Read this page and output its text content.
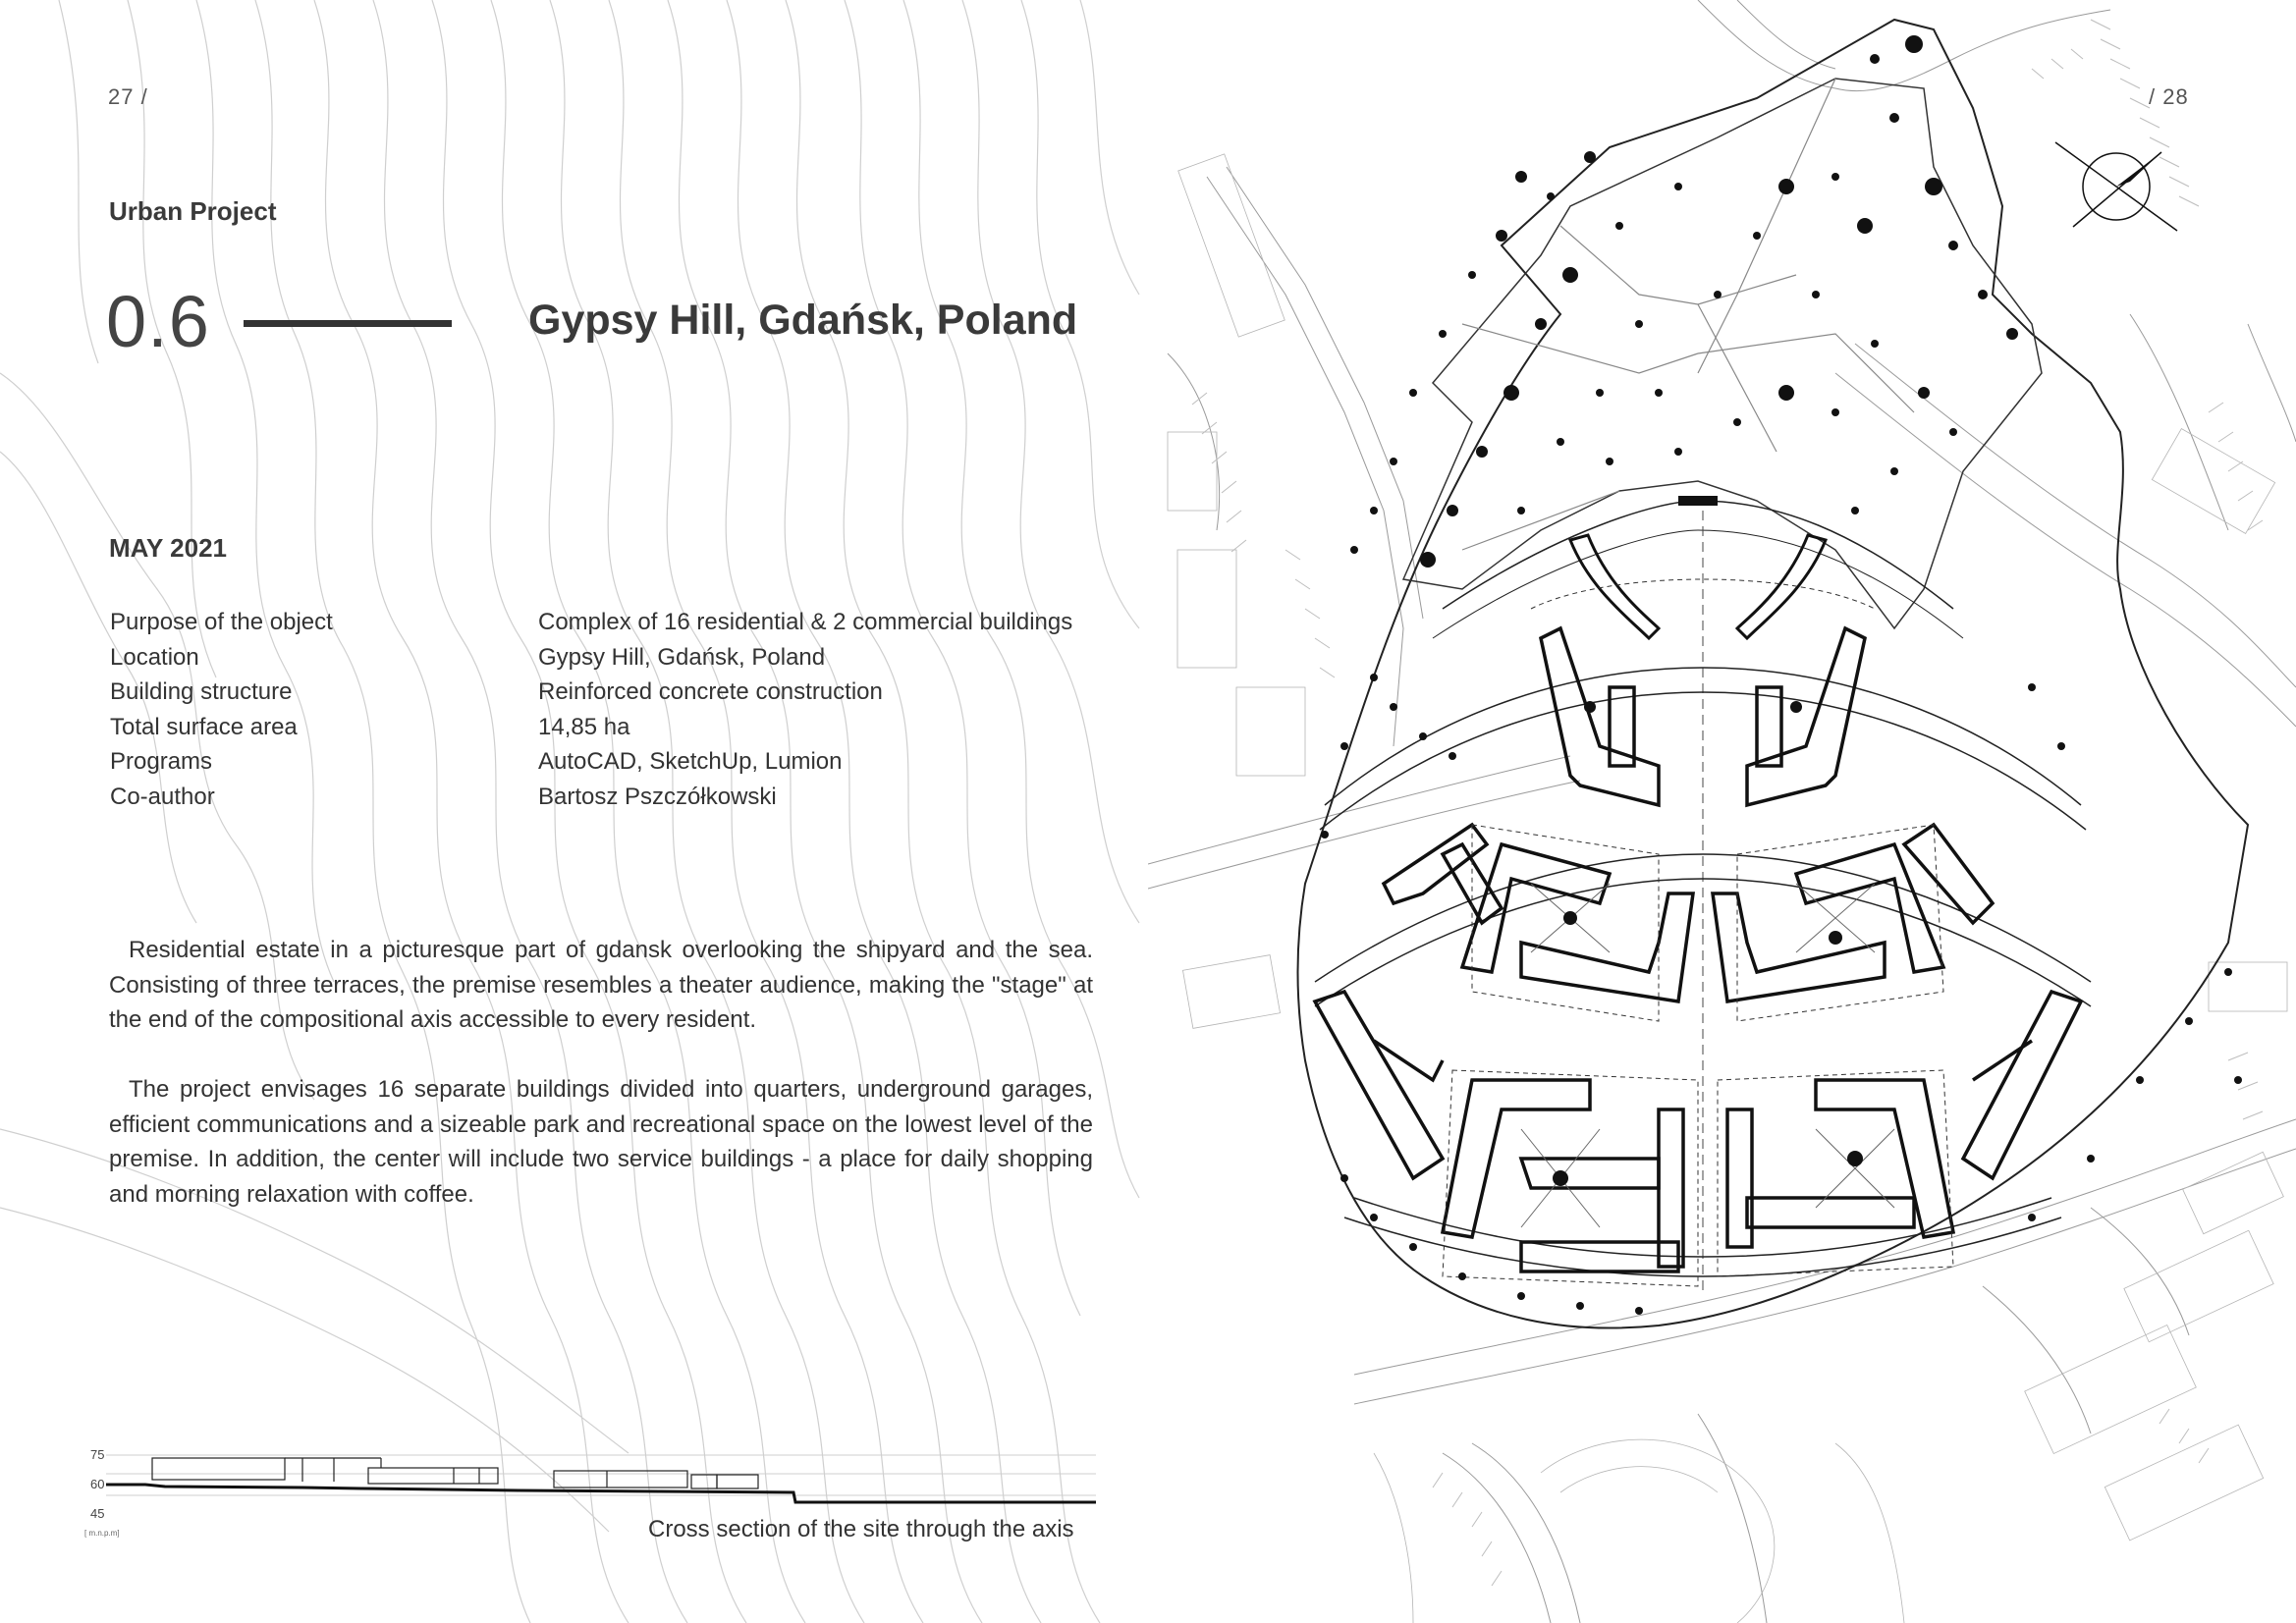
27 /
Urban Project
0.6	Gypsy Hill, Gdańsk, Poland
MAY 2021
Purpose of the object	Complex of 16 residential & 2 commercial buildings
Location	Gypsy Hill, Gdańsk, Poland
Building structure	Reinforced concrete construction
Total surface area	14,85 ha
Programs	AutoCAD, SketchUp, Lumion
Co-author	Bartosz Pszczółkowski

Residential estate in a picturesque part of gdansk overlooking the shipyard and the sea. Consisting of three terraces, the premise resembles a theater audience, making the "stage" at the end of the compositional axis accessible to every resident.

The project envisages 16 separate buildings divided into quarters, underground garages, efficient communications and a sizeable park and recreational space on the lowest level of the premise. In addition, the center will include two service buildings - a place for daily shopping and morning relaxation with coffee.

75
60
45
[ m.n.p.m]	Cross section of the site through the axis
/ 28
